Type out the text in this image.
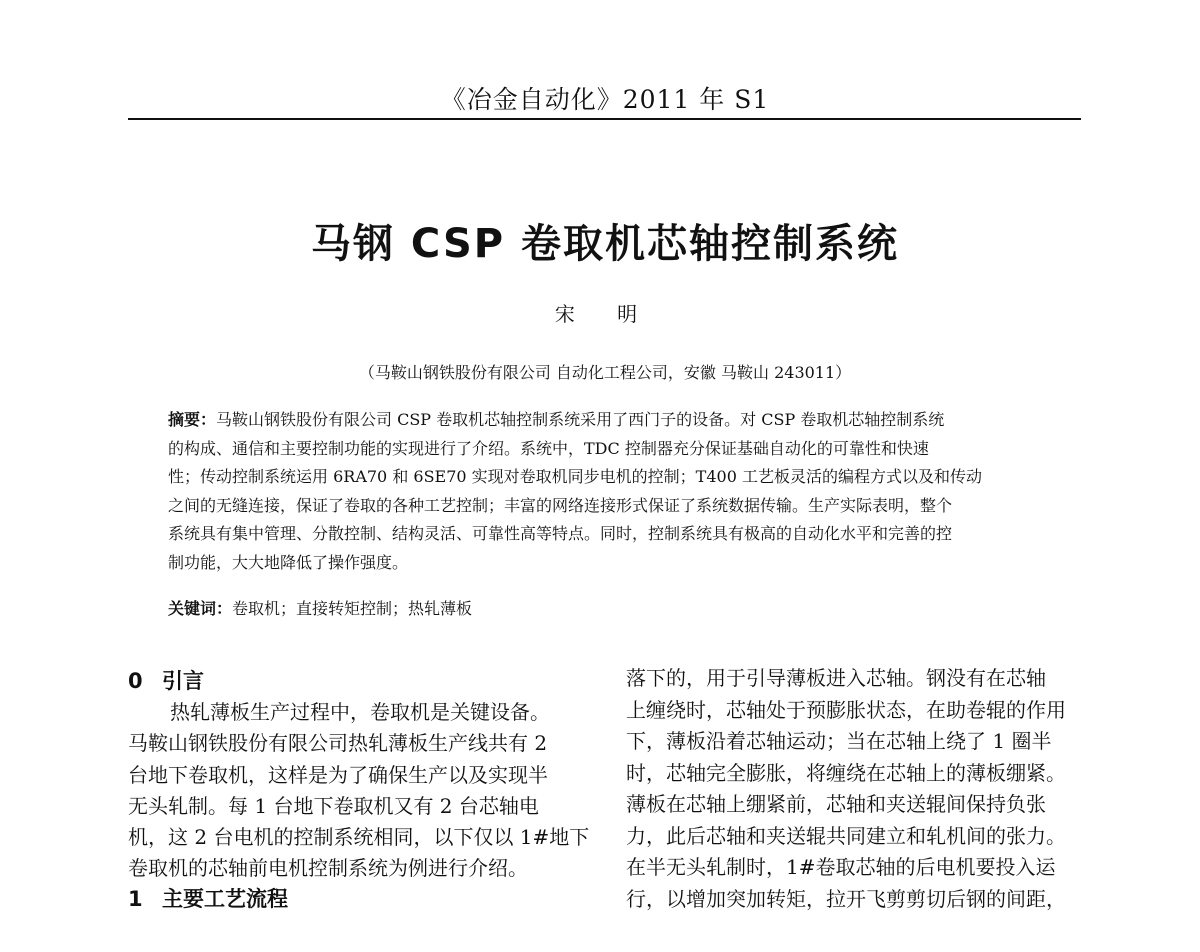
《冶金自动化》2011 年 S1
马钢 CSP 卷取机芯轴控制系统
宋 明
（马鞍山钢铁股份有限公司 自动化工程公司，安徽 马鞍山 243011）

摘要：马鞍山钢铁股份有限公司 CSP 卷取机芯轴控制系统采用了西门子的设备。对 CSP 卷取机芯轴控制系统

的构成、通信和主要控制功能的实现进行了介绍。系统中，TDC 控制器充分保证基础自动化的可靠性和快速

性；传动控制系统运用 6RA70 和 6SE70 实现对卷取机同步电机的控制；T400 工艺板灵活的编程方式以及和传动

之间的无缝连接，保证了卷取的各种工艺控制；丰富的网络连接形式保证了系统数据传输。生产实际表明，整个

系统具有集中管理、分散控制、结构灵活、可靠性高等特点。同时，控制系统具有极高的自动化水平和完善的控

制功能，大大地降低了操作强度。

关键词：卷取机；直接转矩控制；热轧薄板
0 引言

热轧薄板生产过程中，卷取机是关键设备。

马鞍山钢铁股份有限公司热轧薄板生产线共有 2

台地下卷取机，这样是为了确保生产以及实现半

无头轧制。每 1 台地下卷取机又有 2 台芯轴电

机，这 2 台电机的控制系统相同，以下仅以 1#地下

卷取机的芯轴前电机控制系统为例进行介绍。

1 主要工艺流程

落下的，用于引导薄板进入芯轴。钢没有在芯轴

上缠绕时，芯轴处于预膨胀状态，在助卷辊的作用

下，薄板沿着芯轴运动；当在芯轴上绕了 1 圈半

时，芯轴完全膨胀，将缠绕在芯轴上的薄板绷紧。

薄板在芯轴上绷紧前，芯轴和夹送辊间保持负张

力，此后芯轴和夹送辊共同建立和轧机间的张力。

在半无头轧制时，1#卷取芯轴的后电机要投入运

行，以增加突加转矩，拉开飞剪剪切后钢的间距，
